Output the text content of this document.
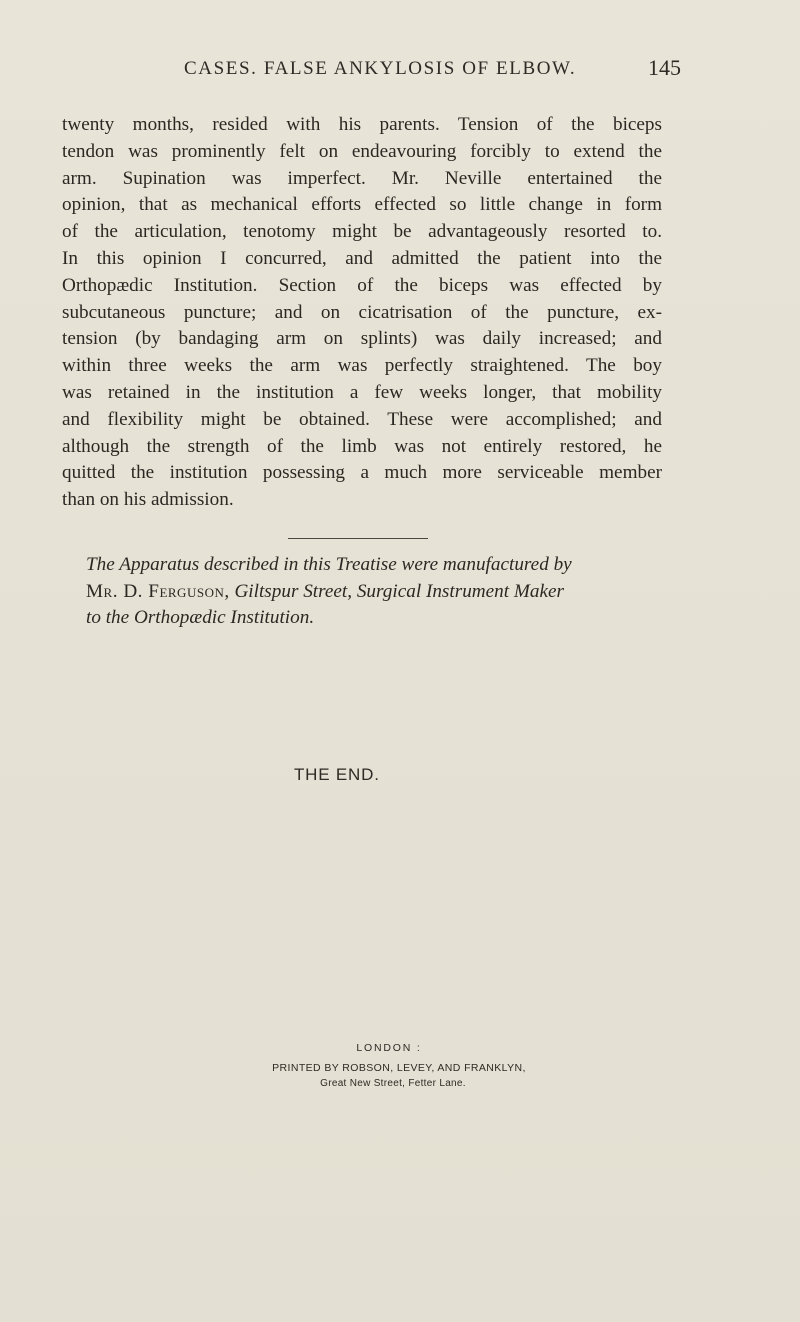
CASES. FALSE ANKYLOSIS OF ELBOW.	145
twenty months, resided with his parents. Tension of the biceps
tendon was prominently felt on endeavouring forcibly to extend the
arm. Supination was imperfect. Mr. Neville entertained the
opinion, that as mechanical efforts effected so little change in form
of the articulation, tenotomy might be advantageously resorted to.
In this opinion I concurred, and admitted the patient into the
Orthopædic Institution. Section of the biceps was effected by
subcutaneous puncture; and on cicatrisation of the puncture, ex-
tension (by bandaging arm on splints) was daily increased; and
within three weeks the arm was perfectly straightened. The boy
was retained in the institution a few weeks longer, that mobility
and flexibility might be obtained. These were accomplished; and
although the strength of the limb was not entirely restored, he
quitted the institution possessing a much more serviceable member
than on his admission.
The Apparatus described in this Treatise were manufactured by
Mr. D. Ferguson, Giltspur Street, Surgical Instrument Maker
to the Orthopædic Institution.
THE END.
LONDON :
PRINTED BY ROBSON, LEVEY, AND FRANKLYN,
Great New Street, Fetter Lane.
